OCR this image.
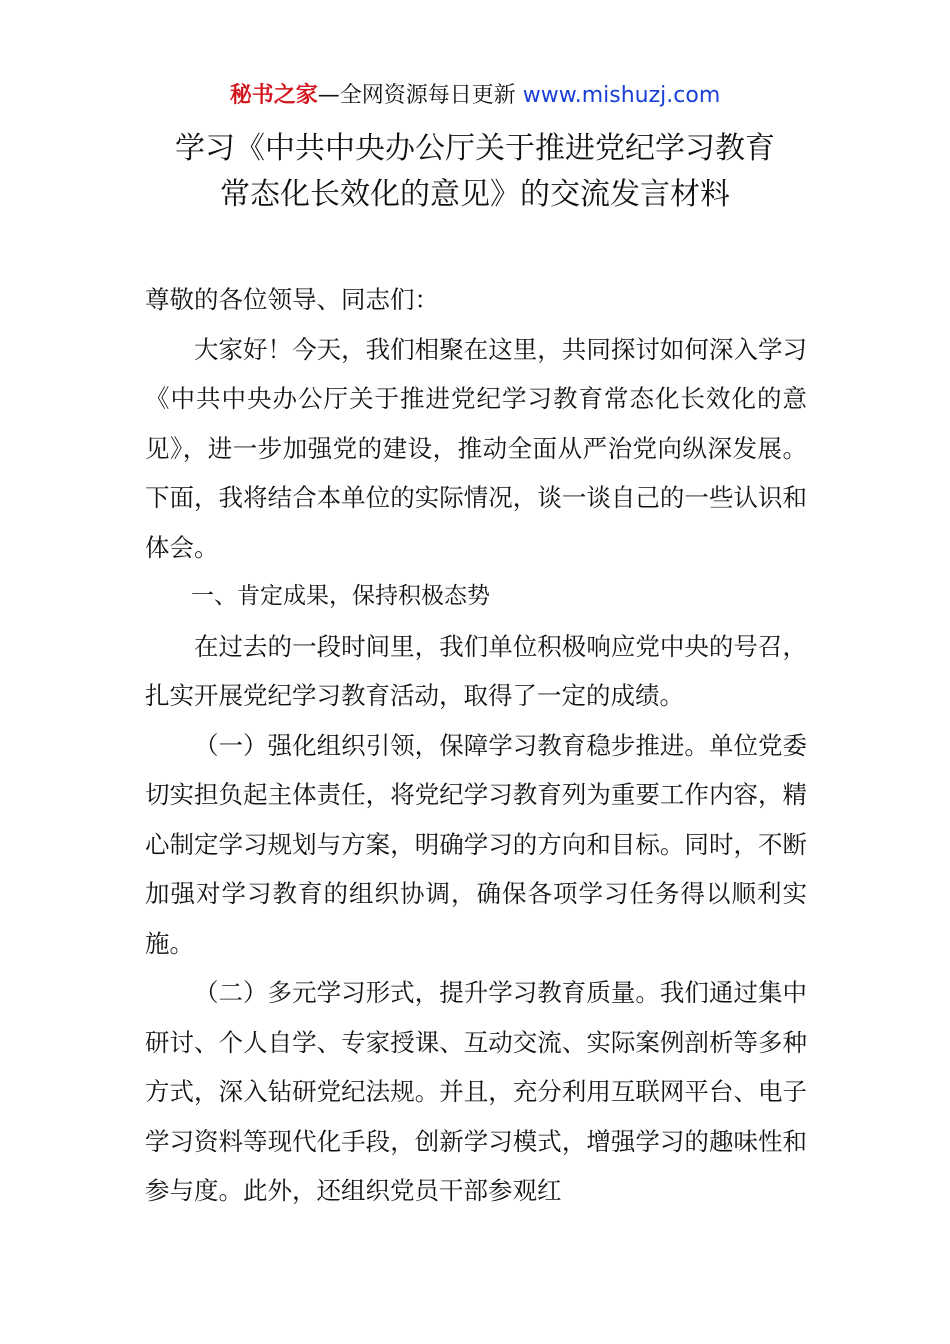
秘书之家—全网资源每日更新 www.mishuzj.com
学习《中共中央办公厅关于推进党纪学习教育
常态化长效化的意见》的交流发言材料

尊敬的各位领导、同志们：

大家好！今天，我们相聚在这里，共同探讨如何深入学习《中共中央办公厅关于推进党纪学习教育常态化长效化的意见》，进一步加强党的建设，推动全面从严治党向纵深发展。下面，我将结合本单位的实际情况，谈一谈自己的一些认识和体会。

一、肯定成果，保持积极态势

在过去的一段时间里，我们单位积极响应党中央的号召，扎实开展党纪学习教育活动，取得了一定的成绩。

（一）强化组织引领，保障学习教育稳步推进。单位党委切实担负起主体责任，将党纪学习教育列为重要工作内容，精心制定学习规划与方案，明确学习的方向和目标。同时，不断加强对学习教育的组织协调，确保各项学习任务得以顺利实施。

（二）多元学习形式，提升学习教育质量。我们通过集中研讨、个人自学、专家授课、互动交流、实际案例剖析等多种方式，深入钻研党纪法规。并且，充分利用互联网平台、电子学习资料等现代化手段，创新学习模式，增强学习的趣味性和参与度。此外，还组织党员干部参观红
